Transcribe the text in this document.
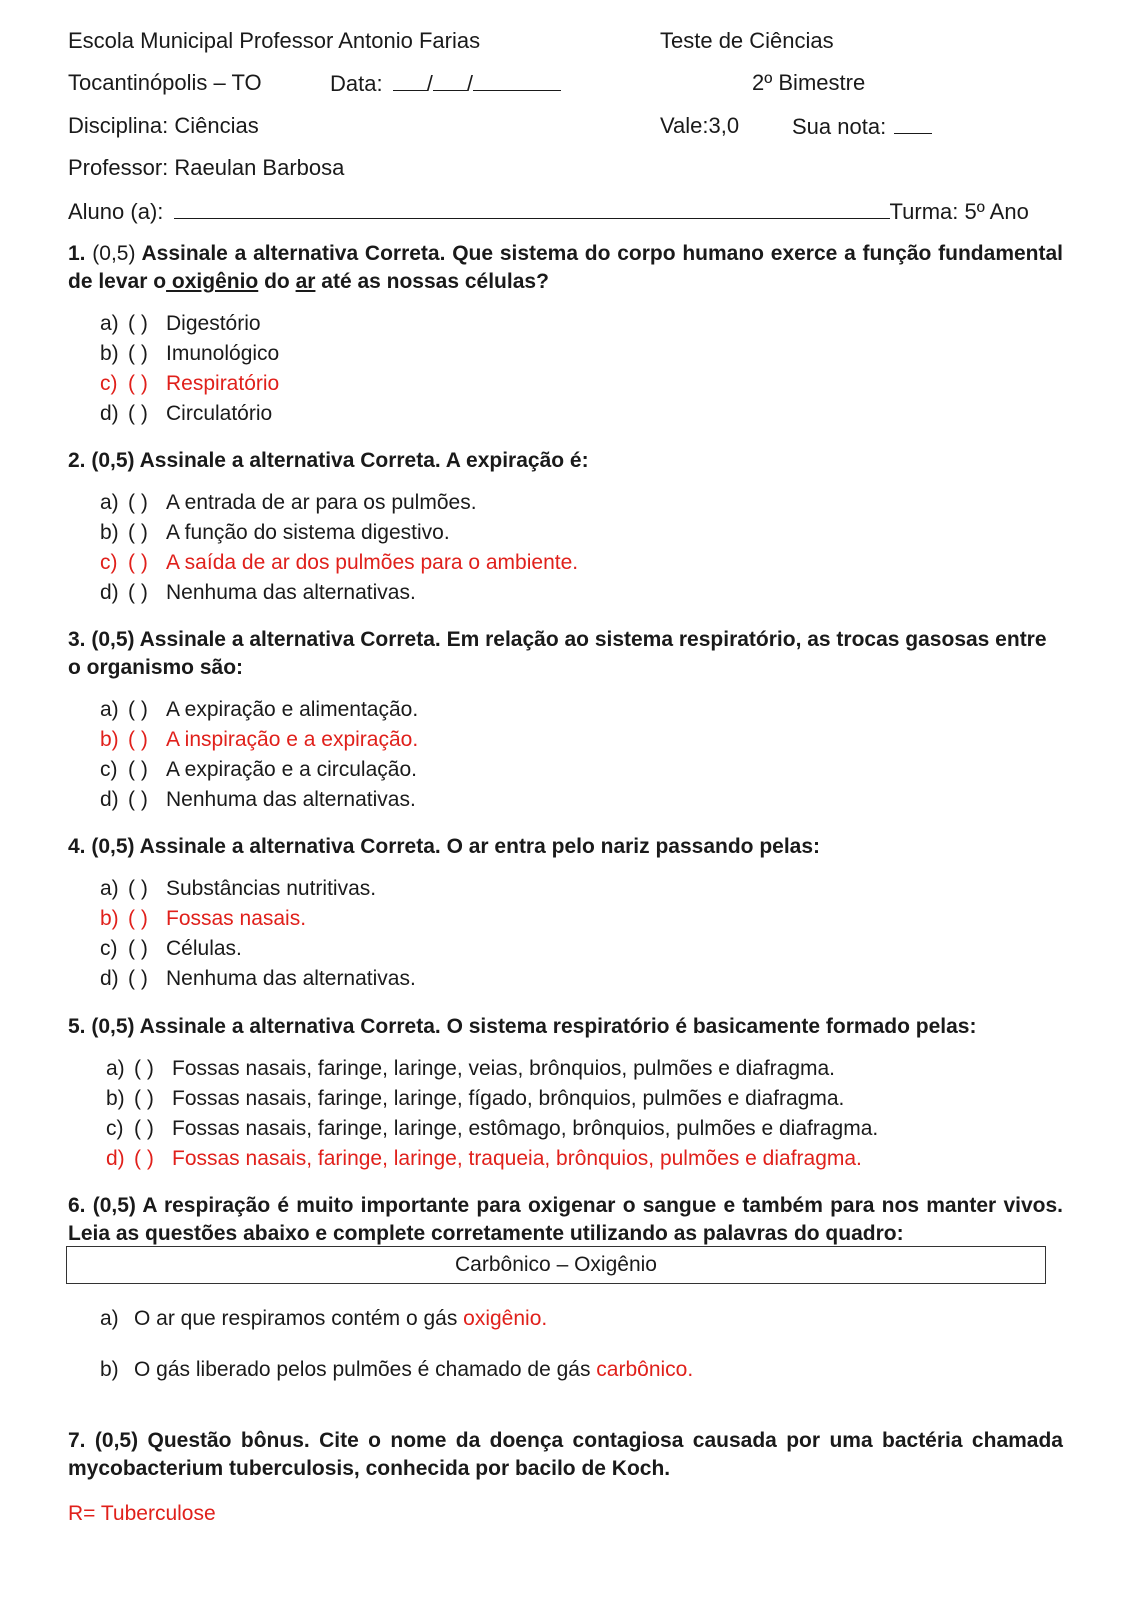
Escola Municipal Professor Antonio Farias	Teste de Ciências
Tocantinópolis – TO	Data: / /	2º Bimestre
Disciplina: Ciências	Vale:3,0 Sua nota:
Professor: Raeulan Barbosa
Aluno (a):	Turma: 5º Ano
1. (0,5) Assinale a alternativa Correta. Que sistema do corpo humano exerce a função fundamental de levar o oxigênio do ar até as nossas células?
a) ( ) Digestório
b) ( ) Imunológico
c) ( ) Respiratório
d) ( ) Circulatório
2. (0,5) Assinale a alternativa Correta. A expiração é:
a) ( ) A entrada de ar para os pulmões.
b) ( ) A função do sistema digestivo.
c) ( ) A saída de ar dos pulmões para o ambiente.
d) ( ) Nenhuma das alternativas.
3. (0,5) Assinale a alternativa Correta. Em relação ao sistema respiratório, as trocas gasosas entre o organismo são:
a) ( ) A expiração e alimentação.
b) ( ) A inspiração e a expiração.
c) ( ) A expiração e a circulação.
d) ( ) Nenhuma das alternativas.
4. (0,5) Assinale a alternativa Correta. O ar entra pelo nariz passando pelas:
a) ( ) Substâncias nutritivas.
b) ( ) Fossas nasais.
c) ( ) Células.
d) ( ) Nenhuma das alternativas.
5. (0,5) Assinale a alternativa Correta. O sistema respiratório é basicamente formado pelas:
a) ( ) Fossas nasais, faringe, laringe, veias, brônquios, pulmões e diafragma.
b) ( ) Fossas nasais, faringe, laringe, fígado, brônquios, pulmões e diafragma.
c) ( ) Fossas nasais, faringe, laringe, estômago, brônquios, pulmões e diafragma.
d) ( ) Fossas nasais, faringe, laringe, traqueia, brônquios, pulmões e diafragma.
6. (0,5) A respiração é muito importante para oxigenar o sangue e também para nos manter vivos. Leia as questões abaixo e complete corretamente utilizando as palavras do quadro:
Carbônico – Oxigênio
a) O ar que respiramos contém o gás oxigênio.
b) O gás liberado pelos pulmões é chamado de gás carbônico.
7. (0,5) Questão bônus. Cite o nome da doença contagiosa causada por uma bactéria chamada mycobacterium tuberculosis, conhecida por bacilo de Koch.
R= Tuberculose
